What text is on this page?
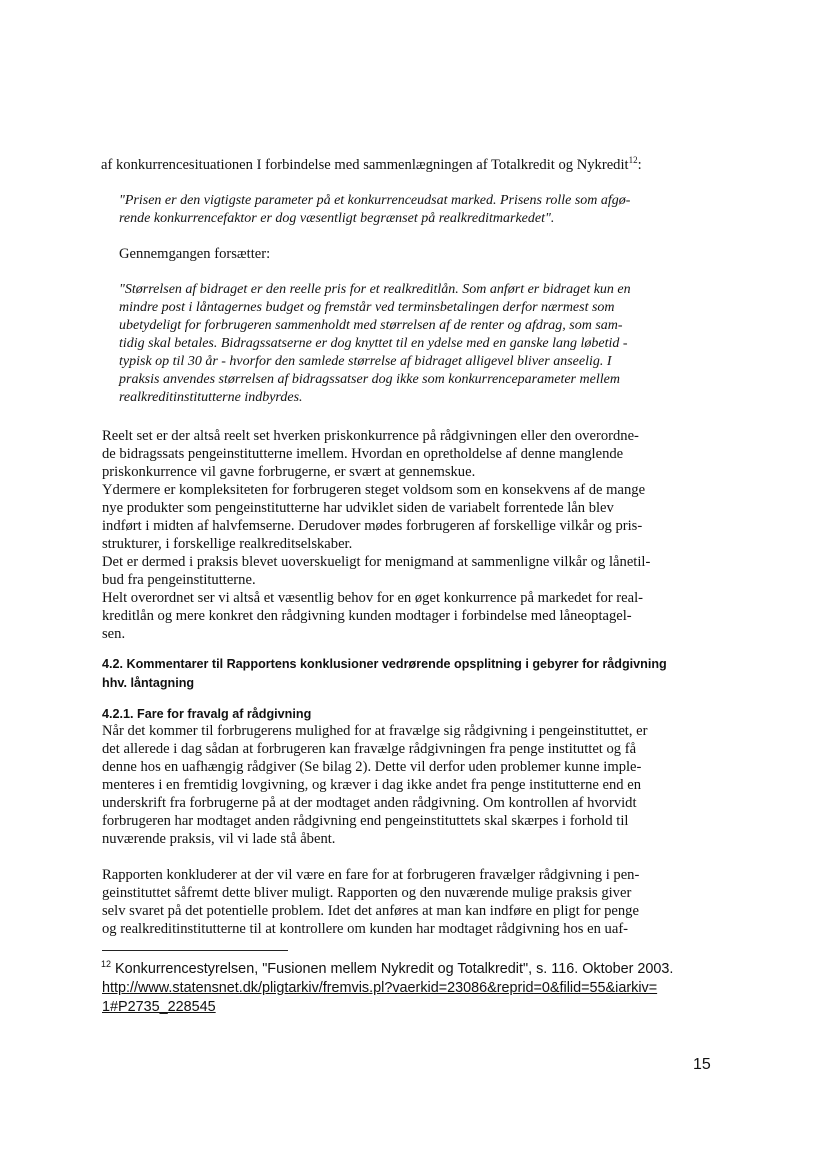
af konkurrencesituationen I forbindelse med sammenlægningen af Totalkredit og Nykredit$^{12}$:
"Prisen er den vigtigste parameter på et konkurrenceudsat marked. Prisens rolle som afgø-
rende konkurrencefaktor er dog væsentligt begrænset på realkreditmarkedet".
Gennemgangen forsætter:
"Størrelsen af bidraget er den reelle pris for et realkreditlån. Som anført er bidraget kun en
mindre post i låntagernes budget og fremstår ved terminsbetalingen derfor nærmest som
ubetydeligt for forbrugeren sammenholdt med størrelsen af de renter og afdrag, som sam-
tidig skal betales. Bidragssatserne er dog knyttet til en ydelse med en ganske lang løbetid -
typisk op til 30 år - hvorfor den samlede størrelse af bidraget alligevel bliver anseelig. I
praksis anvendes størrelsen af bidragssatser dog ikke som konkurrenceparameter mellem
realkreditinstitutterne indbyrdes.
Reelt set er der altså reelt set hverken priskonkurrence på rådgivningen eller den overordne-
de bidragssats pengeinstitutterne imellem. Hvordan en opretholdelse af denne manglende
priskonkurrence vil gavne forbrugerne, er svært at gennemskue.
Ydermere er kompleksiteten for forbrugeren steget voldsom som en konsekvens af de mange
nye produkter som pengeinstitutterne har udviklet siden de variabelt forrentede lån blev
indført i midten af halvfemserne. Derudover mødes forbrugeren af forskellige vilkår og pris-
strukturer, i forskellige realkreditselskaber.
Det er dermed i praksis blevet uoverskueligt for menigmand at sammenligne vilkår og lånetil-
bud fra pengeinstitutterne.
Helt overordnet ser vi altså et væsentlig behov for en øget konkurrence på markedet for real-
kreditlån og mere konkret den rådgivning kunden modtager i forbindelse med låneoptagel-
sen.
4.2. Kommentarer til Rapportens konklusioner vedrørende opsplitning i gebyrer for rådgivning
hhv. låntagning
4.2.1. Fare for fravalg af rådgivning
Når det kommer til forbrugerens mulighed for at fravælge sig rådgivning i pengeinstituttet, er
det allerede i dag sådan at forbrugeren kan fravælge rådgivningen fra penge instituttet og få
denne hos en uafhængig rådgiver (Se bilag 2). Dette vil derfor uden problemer kunne imple-
menteres i en fremtidig lovgivning, og kræver i dag ikke andet fra penge institutterne end en
underskrift fra forbrugerne på at der modtaget anden rådgivning. Om kontrollen af hvorvidt
forbrugeren har modtaget anden rådgivning end pengeinstituttets skal skærpes i forhold til
nuværende praksis, vil vi lade stå åbent.
Rapporten konkluderer at der vil være en fare for at forbrugeren fravælger rådgivning i pen-
geinstituttet såfremt dette bliver muligt. Rapporten og den nuværende mulige praksis giver
selv svaret på det potentielle problem. Idet det anføres at man kan indføre en pligt for penge
og realkreditinstitutterne til at kontrollere om kunden har modtaget rådgivning hos en uaf-
$^{12}$ Konkurrencestyrelsen, "Fusionen mellem Nykredit og Totalkredit", s. 116. Oktober 2003.
http://www.statensnet.dk/pligtarkiv/fremvis.pl?vaerkid=23086&reprid=0&filid=55&iarkiv=
1#P2735_228545
15
